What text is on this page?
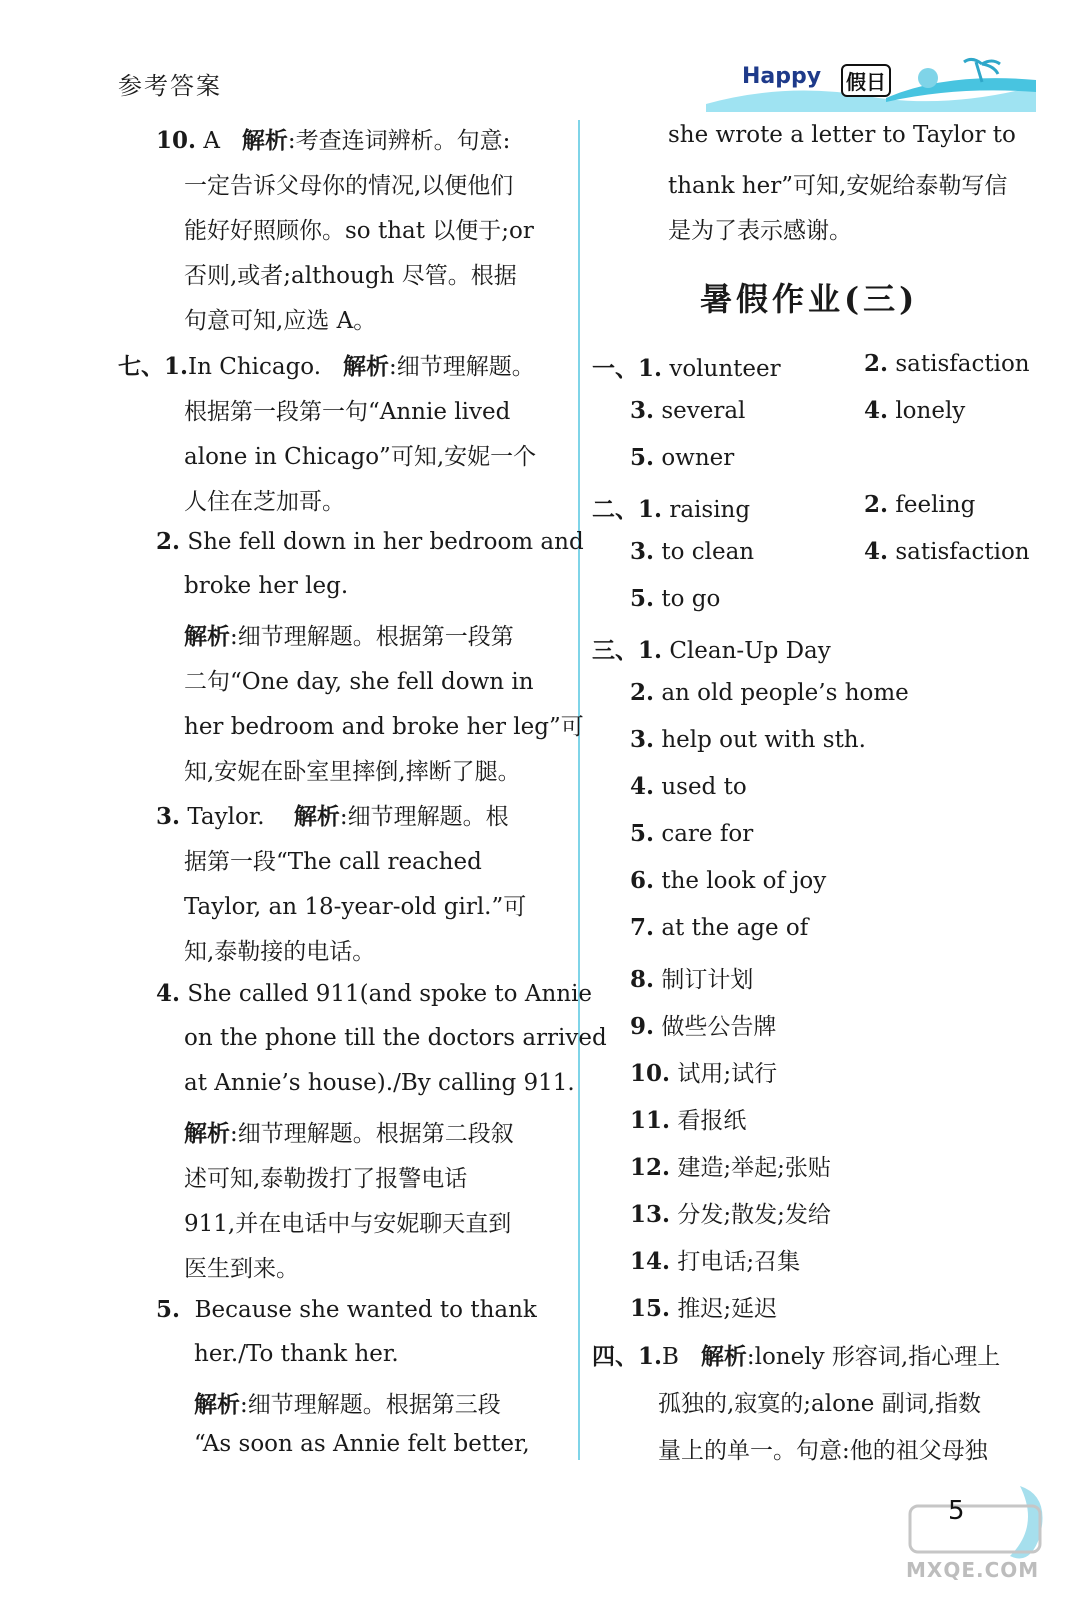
参考答案	Happy 假日
10. A 解析:考查连词辨析。句意:
一定告诉父母你的情况,以便他们
能好好照顾你。so that 以便于;or
否则,或者;although 尽管。根据
句意可知,应选 A。
七、1.In Chicago. 解析:细节理解题。
根据第一段第一句“Annie lived
alone in Chicago”可知,安妮一个
人住在芝加哥。
2. She fell down in her bedroom and
broke her leg.
解析:细节理解题。根据第一段第
二句“One day, she fell down in
her bedroom and broke her leg”可
知,安妮在卧室里摔倒,摔断了腿。
3. Taylor. 解析:细节理解题。根
据第一段“The call reached
Taylor, an 18-year-old girl.”可
知,泰勒接的电话。
4. She called 911(and spoke to Annie
on the phone till the doctors arrived
at Annie’s house)./By calling 911.
解析:细节理解题。根据第二段叙
述可知,泰勒拨打了报警电话
911,并在电话中与安妮聊天直到
医生到来。
5. Because she wanted to thank
her./To thank her.
解析:细节理解题。根据第三段
“As soon as Annie felt better,
she wrote a letter to Taylor to
thank her”可知,安妮给泰勒写信
是为了表示感谢。
暑假作业(三)
一、1. volunteer	2. satisfaction
3. several	4. lonely
5. owner
二、1. raising	2. feeling
3. to clean	4. satisfaction
5. to go
三、1. Clean-Up Day
2. an old people’s home
3. help out with sth.
4. used to
5. care for
6. the look of joy
7. at the age of
8. 制订计划
9. 做些公告牌
10. 试用;试行
11. 看报纸
12. 建造;举起;张贴
13. 分发;散发;发给
14. 打电话;召集
15. 推迟;延迟
四、1.B 解析:lonely 形容词,指心理上
孤独的,寂寞的;alone 副词,指数
量上的单一。句意:他的祖父母独
MXQE.COM
5
